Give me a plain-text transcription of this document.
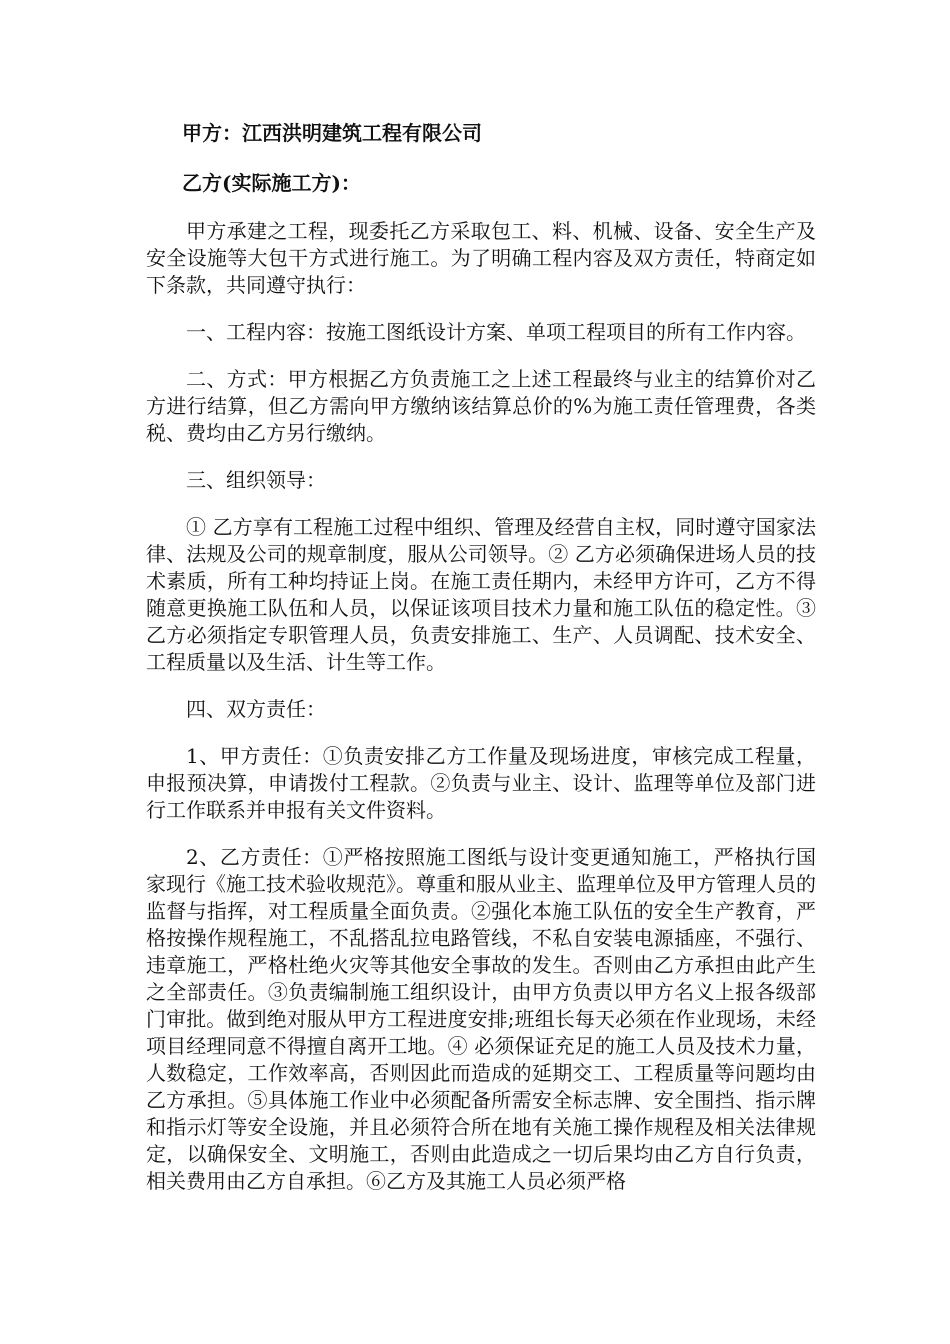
甲方：江西洪明建筑工程有限公司
乙方(实际施工方)：

甲方承建之工程，现委托乙方采取包工、料、机械、设备、安全生产及安全设施等大包干方式进行施工。为了明确工程内容及双方责任，特商定如下条款，共同遵守执行：

一、工程内容：按施工图纸设计方案、单项工程项目的所有工作内容。

二、方式：甲方根据乙方负责施工之上述工程最终与业主的结算价对乙方进行结算，但乙方需向甲方缴纳该结算总价的%为施工责任管理费，各类税、费均由乙方另行缴纳。

三、组织领导：

① 乙方享有工程施工过程中组织、管理及经营自主权，同时遵守国家法律、法规及公司的规章制度，服从公司领导。② 乙方必须确保进场人员的技术素质，所有工种均持证上岗。在施工责任期内，未经甲方许可，乙方不得随意更换施工队伍和人员，以保证该项目技术力量和施工队伍的稳定性。③ 乙方必须指定专职管理人员，负责安排施工、生产、人员调配、技术安全、工程质量以及生活、计生等工作。

四、双方责任：

1、甲方责任：①负责安排乙方工作量及现场进度，审核完成工程量，申报预决算，申请拨付工程款。②负责与业主、设计、监理等单位及部门进行工作联系并申报有关文件资料。

2、乙方责任：①严格按照施工图纸与设计变更通知施工，严格执行国家现行《施工技术验收规范》。尊重和服从业主、监理单位及甲方管理人员的监督与指挥，对工程质量全面负责。②强化本施工队伍的安全生产教育，严格按操作规程施工，不乱搭乱拉电路管线，不私自安装电源插座，不强行、违章施工，严格杜绝火灾等其他安全事故的发生。否则由乙方承担由此产生之全部责任。③负责编制施工组织设计，由甲方负责以甲方名义上报各级部门审批。做到绝对服从甲方工程进度安排;班组长每天必须在作业现场，未经项目经理同意不得擅自离开工地。④ 必须保证充足的施工人员及技术力量，人数稳定，工作效率高，否则因此而造成的延期交工、工程质量等问题均由乙方承担。⑤具体施工作业中必须配备所需安全标志牌、安全围挡、指示牌和指示灯等安全设施，并且必须符合所在地有关施工操作规程及相关法律规定，以确保安全、文明施工，否则由此造成之一切后果均由乙方自行负责，相关费用由乙方自承担。⑥乙方及其施工人员必须严格
